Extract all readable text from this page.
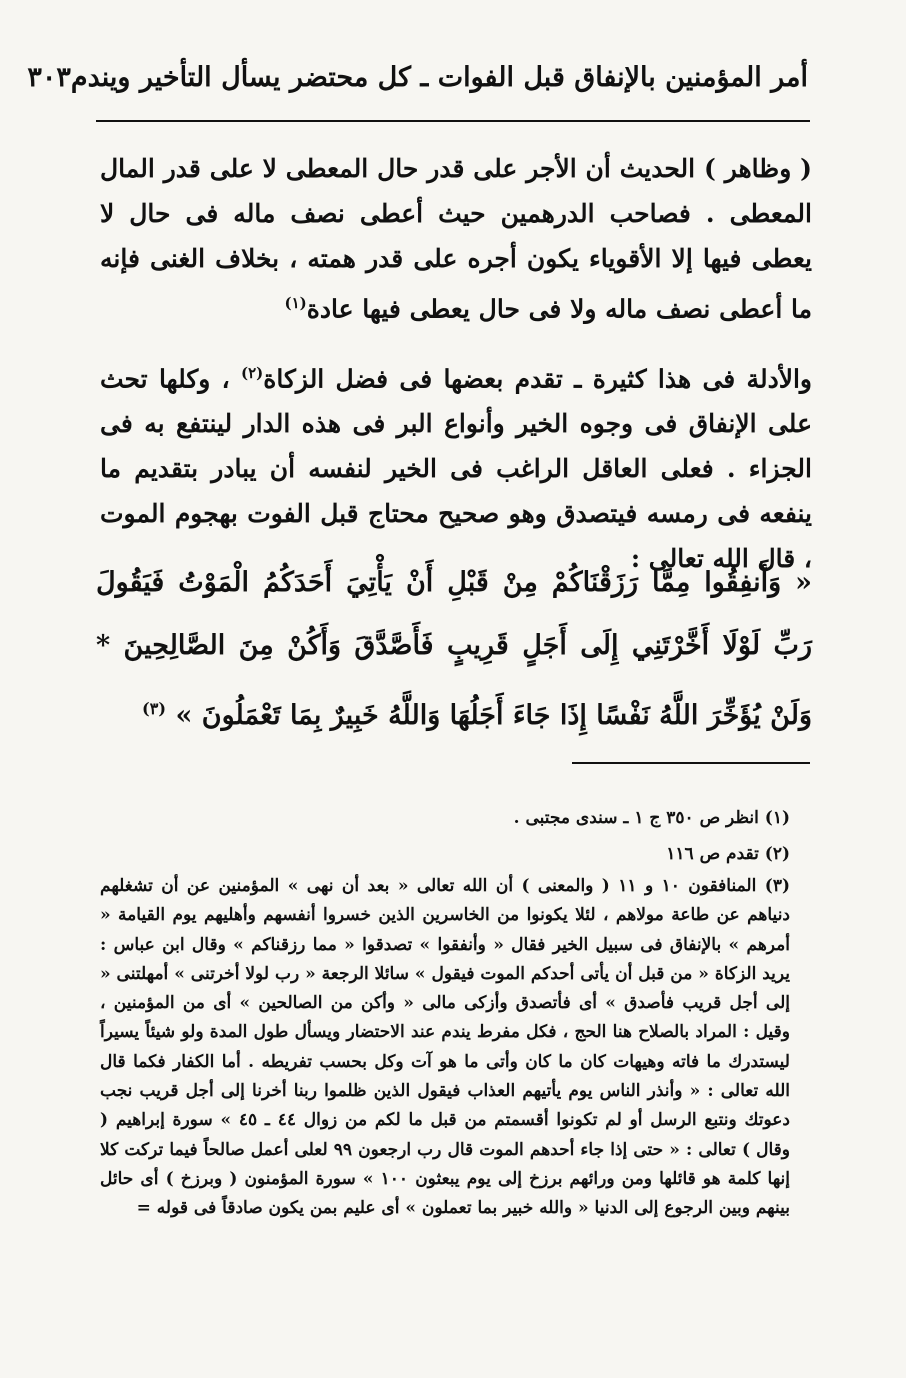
أمر المؤمنين بالإنفاق قبل الفوات ـ كل محتضر يسأل التأخير ويندم
٣٠٣
( وظاهر ) الحديث أن الأجر على قدر حال المعطى لا على قدر المال المعطى . فصاحب الدرهمين حيث أعطى نصف ماله فى حال لا يعطى فيها إلا الأقوياء يكون أجره على قدر همته ، بخلاف الغنى فإنه ما أعطى نصف ماله ولا فى حال يعطى فيها عادة$^{(١)}$
والأدلة فى هذا كثيرة ـ تقدم بعضها فى فضل الزكاة$^{(٢)}$ ، وكلها تحث على الإنفاق فى وجوه الخير وأنواع البر فى هذه الدار لينتفع به فى الجزاء . فعلى العاقل الراغب فى الخير لنفسه أن يبادر بتقديم ما ينفعه فى رمسه فيتصدق وهو صحيح محتاج قبل الفوت بهجوم الموت ، قال الله تعالى :
« وَأَنفِقُوا مِمَّا رَزَقْنَاكُمْ مِنْ قَبْلِ أَنْ يَأْتِيَ أَحَدَكُمُ الْمَوْتُ فَيَقُولَ رَبِّ لَوْلَا أَخَّرْتَنِي إِلَى أَجَلٍ قَرِيبٍ فَأَصَّدَّقَ وَأَكُنْ مِنَ الصَّالِحِينَ * وَلَنْ يُؤَخِّرَ اللَّهُ نَفْسًا إِذَا جَاءَ أَجَلُهَا وَاللَّهُ خَبِيرٌ بِمَا تَعْمَلُونَ » $^{(٣)}$
(١) انظر ص ٣٥٠ ج ١ ـ سندى مجتبى .
(٢) تقدم ص ١١٦
(٣) المنافقون ١٠ و ١١ ( والمعنى ) أن الله تعالى « بعد أن نهى » المؤمنين عن أن تشغلهم دنياهم عن طاعة مولاهم ، لئلا يكونوا من الخاسرين الذين خسروا أنفسهم وأهليهم يوم القيامة « أمرهم » بالإنفاق فى سبيل الخير فقال « وأنفقوا » تصدقوا « مما رزقناكم » وقال ابن عباس : يريد الزكاة « من قبل أن يأتى أحدكم الموت فيقول » سائلا الرجعة « رب لولا أخرتنى » أمهلتنى « إلى أجل قريب فأصدق » أى فأتصدق وأزكى مالى « وأكن من الصالحين » أى من المؤمنين ، وقيل : المراد بالصلاح هنا الحج ، فكل مفرط يندم عند الاحتضار ويسأل طول المدة ولو شيئاً يسيراً ليستدرك ما فاته وهيهات كان ما كان وأتى ما هو آت وكل بحسب تفريطه . أما الكفار فكما قال الله تعالى : « وأنذر الناس يوم يأتيهم العذاب فيقول الذين ظلموا ربنا أخرنا إلى أجل قريب نجب دعوتك ونتبع الرسل أو لم تكونوا أقسمتم من قبل ما لكم من زوال ٤٤ ـ ٤٥ » سورة إبراهيم ( وقال ) تعالى : « حتى إذا جاء أحدهم الموت قال رب ارجعون ٩٩ لعلى أعمل صالحاً فيما تركت كلا إنها كلمة هو قائلها ومن ورائهم برزخ إلى يوم يبعثون ١٠٠ » سورة المؤمنون ( وبرزخ ) أى حائل بينهم وبين الرجوع إلى الدنيا « والله خبير بما تعملون » أى عليم بمن يكون صادقاً فى قوله =
